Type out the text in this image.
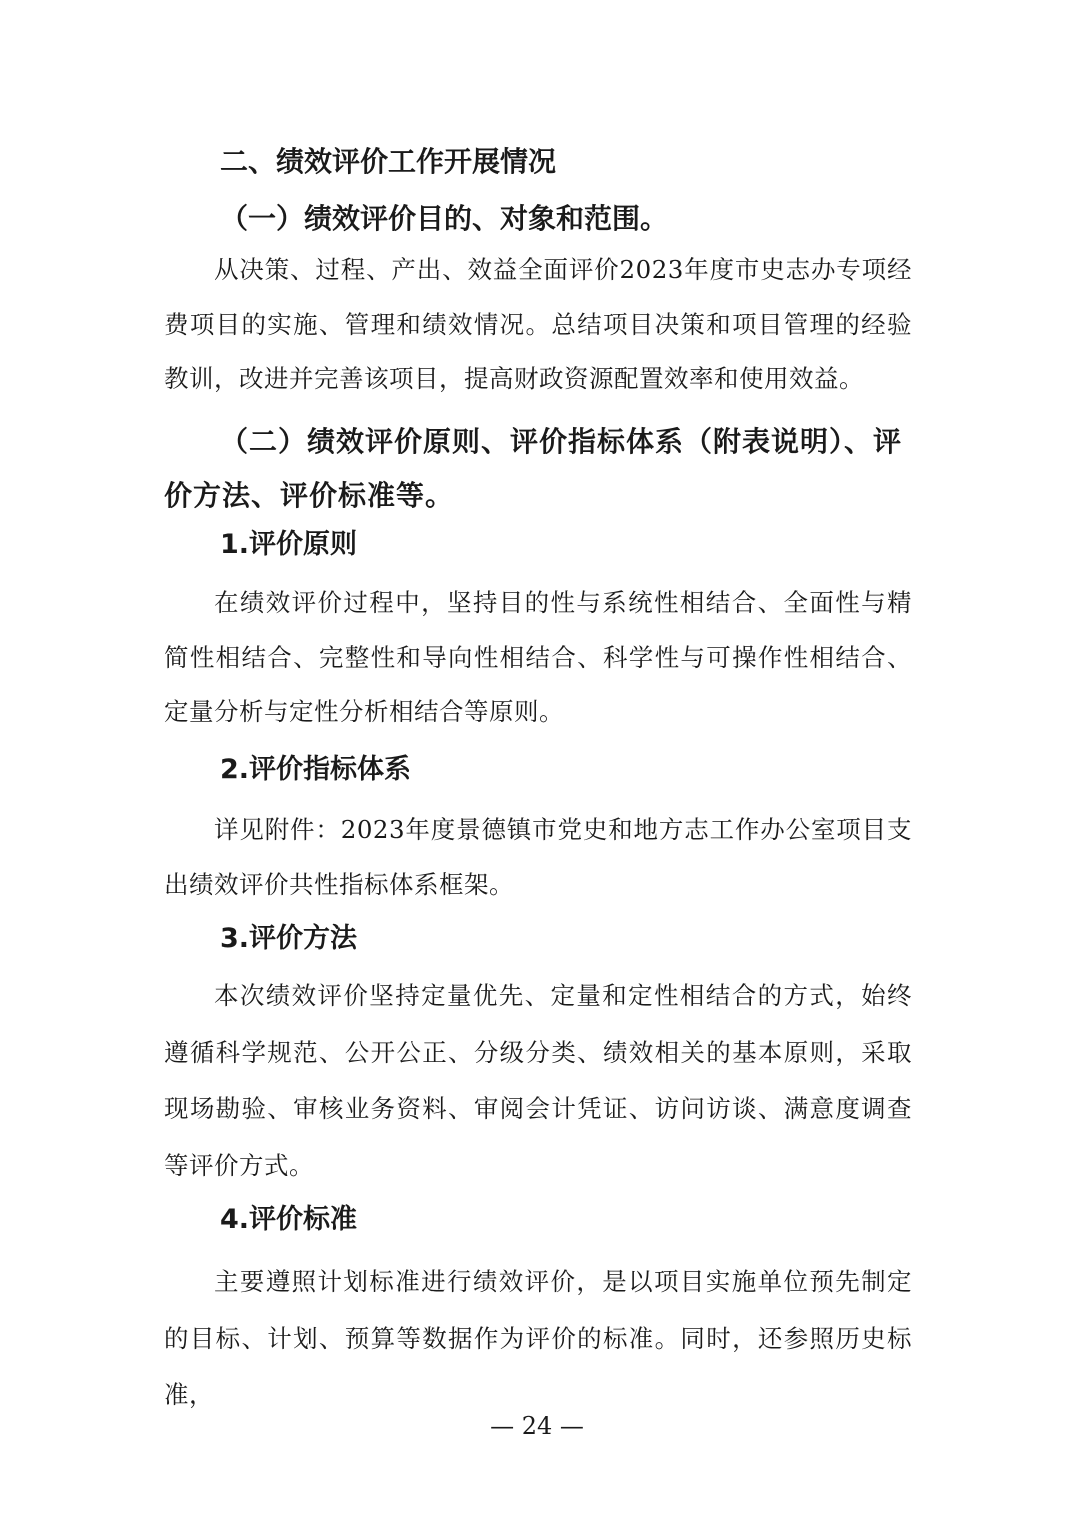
二、绩效评价工作开展情况
（一）绩效评价目的、对象和范围。

从决策、过程、产出、效益全面评价2023年度市史志办专项经费项目的实施、管理和绩效情况。总结项目决策和项目管理的经验教训，改进并完善该项目，提高财政资源配置效率和使用效益。

（二）绩效评价原则、评价指标体系（附表说明）、评价方法、评价标准等。
1.评价原则

在绩效评价过程中，坚持目的性与系统性相结合、全面性与精简性相结合、完整性和导向性相结合、科学性与可操作性相结合、定量分析与定性分析相结合等原则。

2.评价指标体系

详见附件：2023年度景德镇市党史和地方志工作办公室项目支出绩效评价共性指标体系框架。

3.评价方法

本次绩效评价坚持定量优先、定量和定性相结合的方式，始终遵循科学规范、公开公正、分级分类、绩效相关的基本原则，采取现场勘验、审核业务资料、审阅会计凭证、访问访谈、满意度调查等评价方式。

4.评价标准

主要遵照计划标准进行绩效评价，是以项目实施单位预先制定的目标、计划、预算等数据作为评价的标准。同时，还参照历史标准，

— 24 —
